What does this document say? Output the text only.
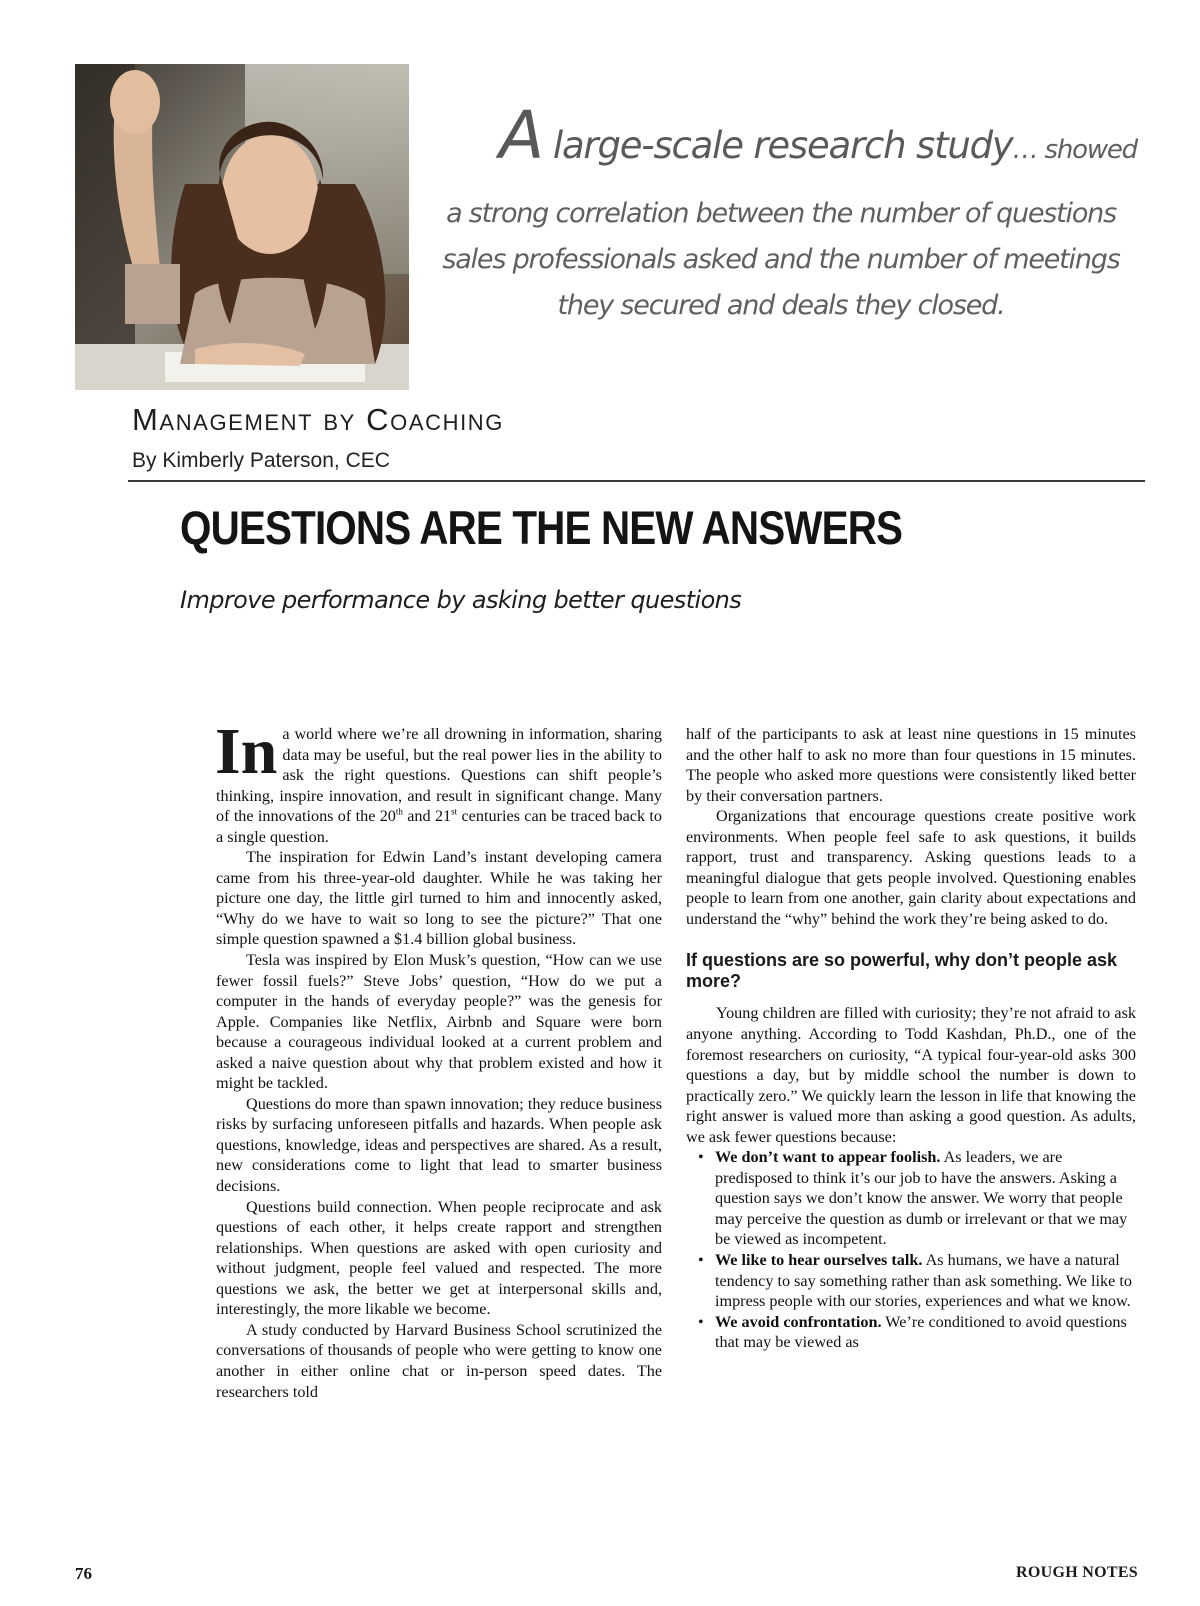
A large-scale research study… showed
a strong correlation between the number of questions sales professionals asked and the number of meetings they secured and deals they closed.
Management by Coaching
By Kimberly Paterson, CEC
QUESTIONS ARE THE NEW ANSWERS
Improve performance by asking better questions

In a world where we’re all drowning in information, sharing data may be useful, but the real power lies in the ability to ask the right questions. Questions can shift people’s thinking, inspire innovation, and result in significant change. Many of the innovations of the 20th and 21st centuries can be traced back to a single question.

The inspiration for Edwin Land’s instant developing camera came from his three-year-old daughter. While he was taking her picture one day, the little girl turned to him and innocently asked, “Why do we have to wait so long to see the picture?” That one simple question spawned a $1.4 billion global business.

Tesla was inspired by Elon Musk’s question, “How can we use fewer fossil fuels?” Steve Jobs’ question, “How do we put a computer in the hands of everyday people?” was the genesis for Apple. Companies like Netflix, Airbnb and Square were born because a courageous individual looked at a current problem and asked a naive question about why that problem existed and how it might be tackled.

Questions do more than spawn innovation; they reduce business risks by surfacing unforeseen pitfalls and hazards. When people ask questions, knowledge, ideas and perspectives are shared. As a result, new considerations come to light that lead to smarter business decisions.

Questions build connection. When people reciprocate and ask questions of each other, it helps create rapport and strengthen relationships. When questions are asked with open curiosity and without judgment, people feel valued and respected. The more questions we ask, the better we get at interpersonal skills and, interestingly, the more likable we become.

A study conducted by Harvard Business School scrutinized the conversations of thousands of people who were getting to know one another in either online chat or in-person speed dates. The researchers told

half of the participants to ask at least nine questions in 15 minutes and the other half to ask no more than four questions in 15 minutes. The people who asked more questions were consistently liked better by their conversation partners.

Organizations that encourage questions create positive work environments. When people feel safe to ask questions, it builds rapport, trust and transparency. Asking questions leads to a meaningful dialogue that gets people involved. Questioning enables people to learn from one another, gain clarity about expectations and understand the “why” behind the work they’re being asked to do.

If questions are so powerful, why don’t people ask more?

Young children are filled with curiosity; they’re not afraid to ask anyone anything. According to Todd Kashdan, Ph.D., one of the foremost researchers on curiosity, “A typical four-year-old asks 300 questions a day, but by middle school the number is down to practically zero.” We quickly learn the lesson in life that knowing the right answer is valued more than asking a good question. As adults, we ask fewer questions because:

• We don’t want to appear foolish. As leaders, we are predisposed to think it’s our job to have the answers. Asking a question says we don’t know the answer. We worry that people may perceive the question as dumb or irrelevant or that we may be viewed as incompetent.
• We like to hear ourselves talk. As humans, we have a natural tendency to say something rather than ask something. We like to impress people with our stories, experiences and what we know.
• We avoid confrontation. We’re conditioned to avoid questions that may be viewed as
76	ROUGH NOTES
